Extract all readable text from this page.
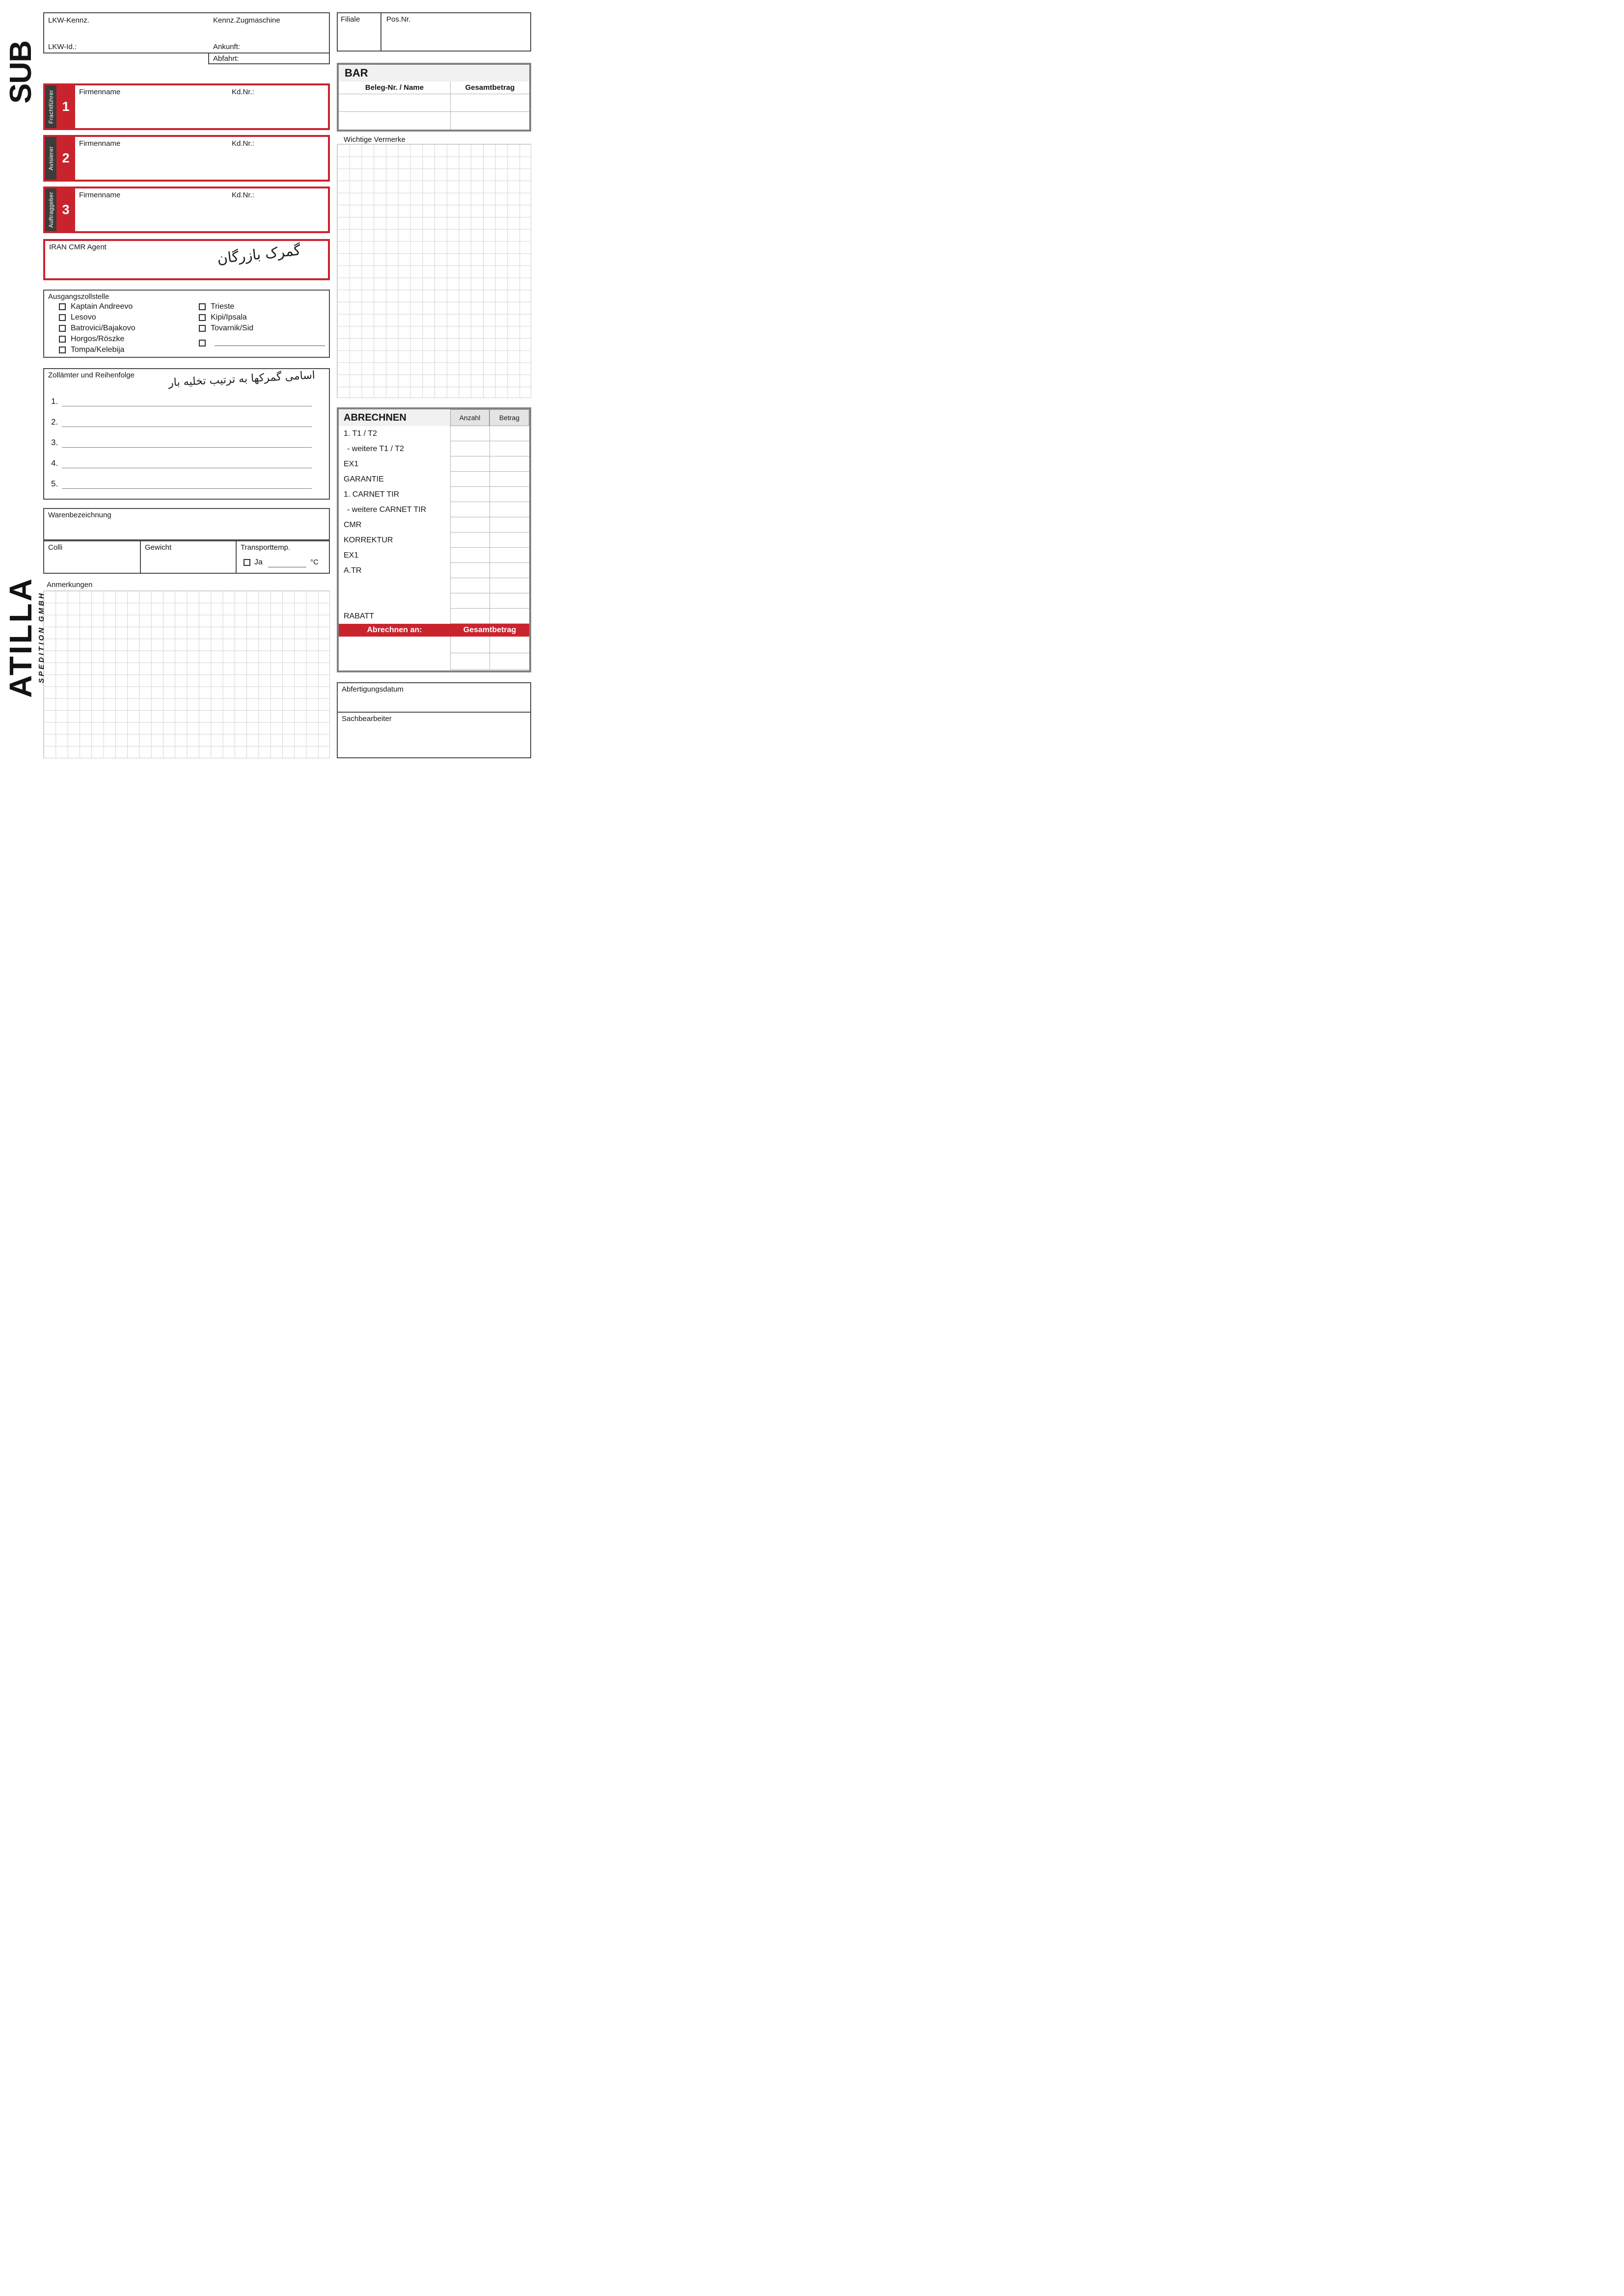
SUB
LKW-Kennz.	Kennz.Zugmaschine
LKW-Id.:	Ankunft:
Abfahrt:
Filiale	Pos.Nr.
BAR
Beleg-Nr. / Name	Gesamtbetrag
Frachtführer 1
Firmenname	Kd.Nr.:
Avisierer 2
Firmenname	Kd.Nr.:
Auftraggeber 3
Firmenname	Kd.Nr.:
IRAN CMR Agent	گمرک بازرگان
Ausgangszollstelle
Kaptain Andreevo
Lesovo
Batrovici/Bajakovo
Horgos/Röszke
Tompa/Kelebija
Trieste
Kipi/Ipsala
Tovarnik/Sid
Zollämter und Reihenfolge	اسامی گمرکها به ترتیب تخلیه بار
1.
2.
3.
4.
5.
Warenbezeichnung
Colli	Gewicht	Transporttemp.
Ja	°C
Anmerkungen
Wichtige Vermerke
ABRECHNEN	Anzahl	Betrag
1. T1 / T2
- weitere T1 / T2
EX1
GARANTIE
1. CARNET TIR
- weitere CARNET TIR
CMR
KORREKTUR
EX1
A.TR
RABATT
Abrechnen an:	Gesamtbetrag
Abfertigungsdatum
Sachbearbeiter
ATILLA
SPEDITION GMBH
